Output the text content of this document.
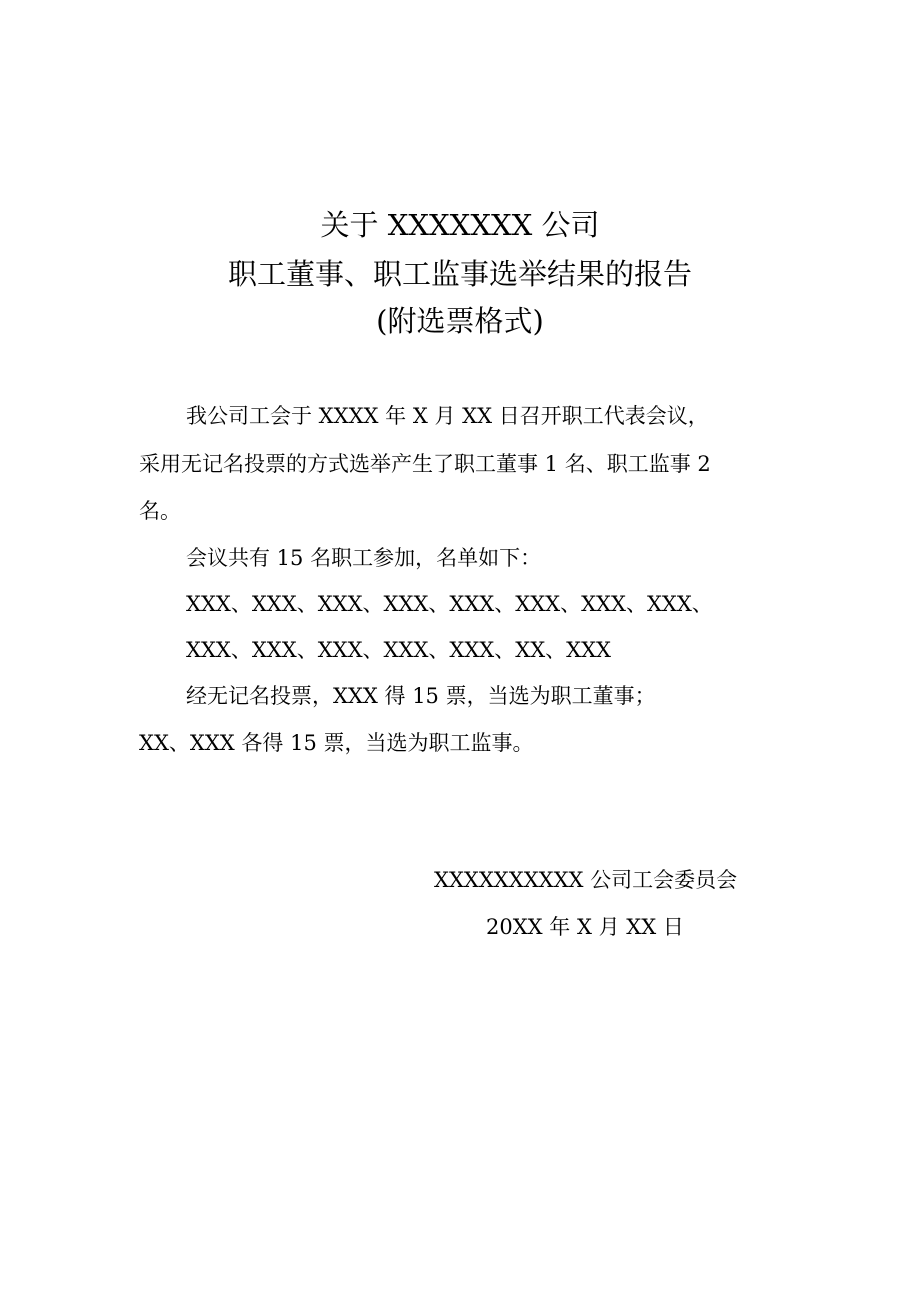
关于 XXXXXXX 公司
职工董事、职工监事选举结果的报告
(附选票格式)

我公司工会于 XXXX 年 X 月 XX 日召开职工代表会议，

采用无记名投票的方式选举产生了职工董事 1 名、职工监事 2

名。

会议共有 15 名职工参加，名单如下：

XXX、XXX、XXX、XXX、XXX、XXX、XXX、XXX、

XXX、XXX、XXX、XXX、XXX、XX、XXX

经无记名投票，XXX 得 15 票，当选为职工董事；

XX、XXX 各得 15 票，当选为职工监事。

XXXXXXXXXX 公司工会委员会

20XX 年 X 月 XX 日
